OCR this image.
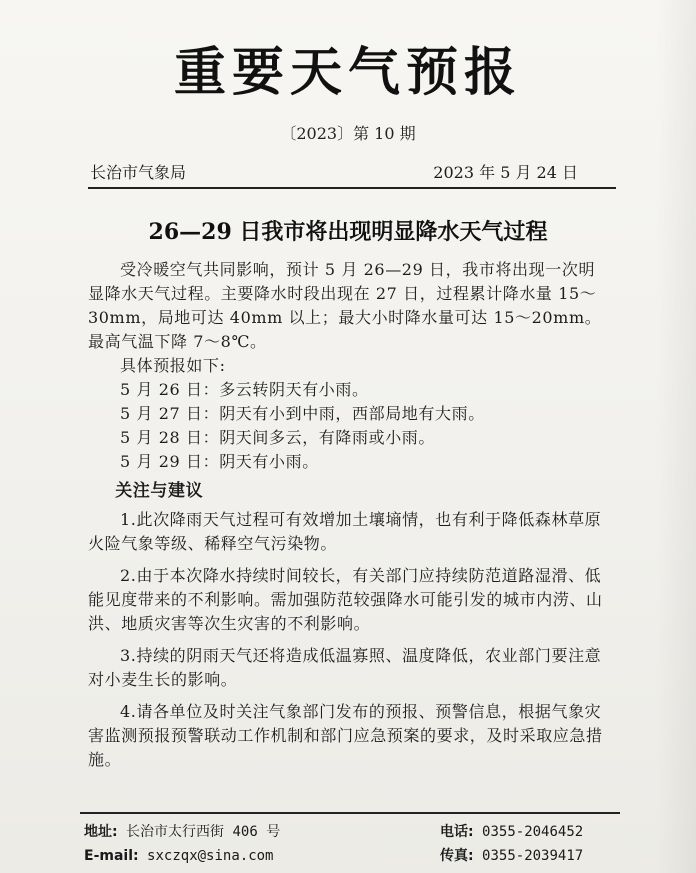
重要天气预报
〔2023〕第 10 期
长治市气象局	2023 年 5 月 24 日
26—29 日我市将出现明显降水天气过程

受冷暖空气共同影响，预计 5 月 26—29 日，我市将出现一次明显降水天气过程。主要降水时段出现在 27 日，过程累计降水量 15～30mm，局地可达 40mm 以上；最大小时降水量可达 15～20mm。最高气温下降 7～8℃。

具体预报如下:

5 月 26 日：多云转阴天有小雨。
5 月 27 日：阴天有小到中雨，西部局地有大雨。
5 月 28 日：阴天间多云，有降雨或小雨。
5 月 29 日：阴天有小雨。
关注与建议

1.此次降雨天气过程可有效增加土壤墒情，也有利于降低森林草原火险气象等级、稀释空气污染物。

2.由于本次降水持续时间较长，有关部门应持续防范道路湿滑、低能见度带来的不利影响。需加强防范较强降水可能引发的城市内涝、山洪、地质灾害等次生灾害的不利影响。

3.持续的阴雨天气还将造成低温寡照、温度降低，农业部门要注意对小麦生长的影响。

4.请各单位及时关注气象部门发布的预报、预警信息，根据气象灾害监测预报预警联动工作机制和部门应急预案的要求，及时采取应急措施。

地址: 长治市太行西街 406 号
E-mail: sxczqx@sina.com
电话: 0355-2046452
传真: 0355-2039417
